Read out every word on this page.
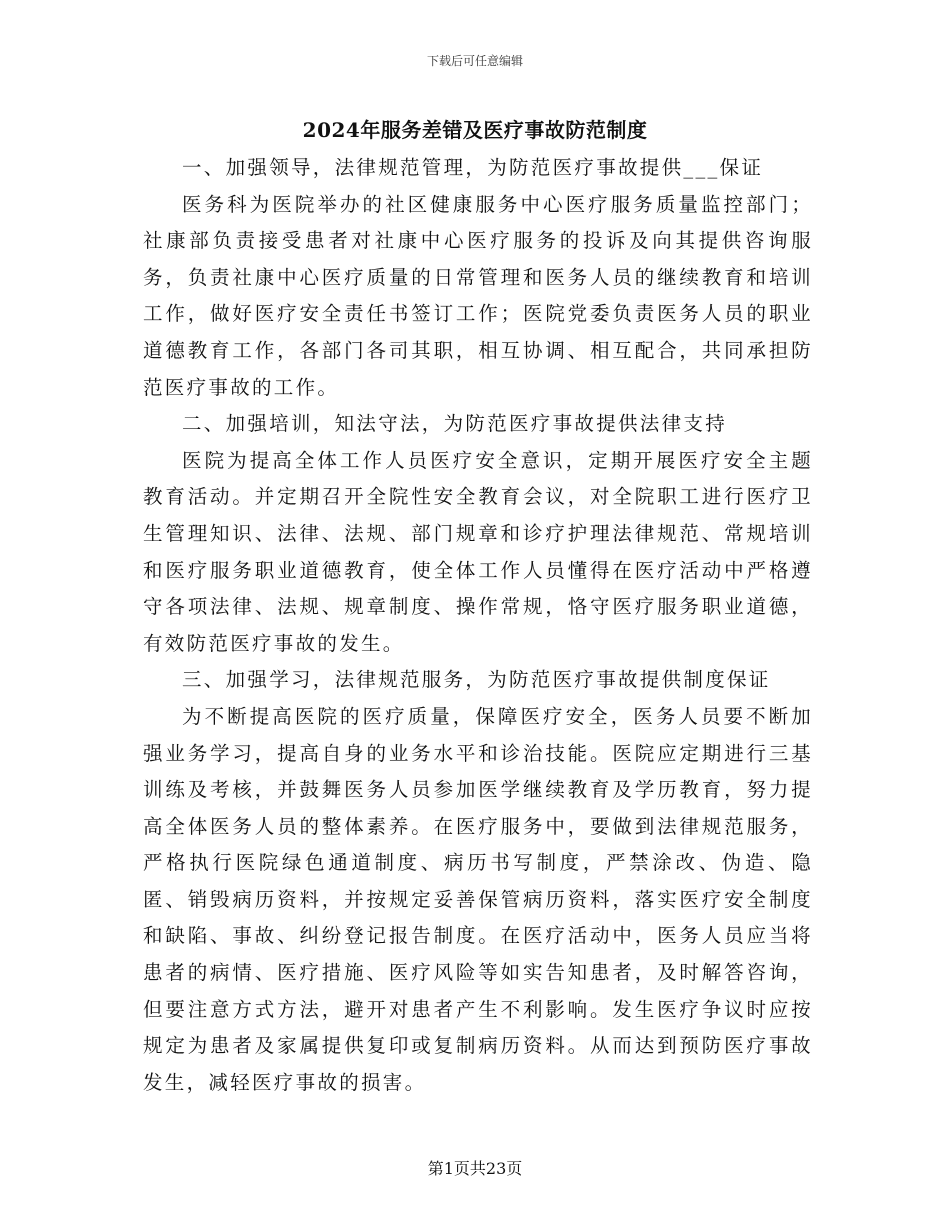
下载后可任意编辑
2024年服务差错及医疗事故防范制度

一、加强领导，法律规范管理，为防范医疗事故提供___保证

医务科为医院举办的社区健康服务中心医疗服务质量监控部门；社康部负责接受患者对社康中心医疗服务的投诉及向其提供咨询服务，负责社康中心医疗质量的日常管理和医务人员的继续教育和培训工作，做好医疗安全责任书签订工作；医院党委负责医务人员的职业道德教育工作，各部门各司其职，相互协调、相互配合，共同承担防范医疗事故的工作。

二、加强培训，知法守法，为防范医疗事故提供法律支持

医院为提高全体工作人员医疗安全意识，定期开展医疗安全主题教育活动。并定期召开全院性安全教育会议，对全院职工进行医疗卫生管理知识、法律、法规、部门规章和诊疗护理法律规范、常规培训和医疗服务职业道德教育，使全体工作人员懂得在医疗活动中严格遵守各项法律、法规、规章制度、操作常规，恪守医疗服务职业道德，有效防范医疗事故的发生。

三、加强学习，法律规范服务，为防范医疗事故提供制度保证

为不断提高医院的医疗质量，保障医疗安全，医务人员要不断加强业务学习，提高自身的业务水平和诊治技能。医院应定期进行三基训练及考核，并鼓舞医务人员参加医学继续教育及学历教育，努力提高全体医务人员的整体素养。在医疗服务中，要做到法律规范服务，严格执行医院绿色通道制度、病历书写制度，严禁涂改、伪造、隐匿、销毁病历资料，并按规定妥善保管病历资料，落实医疗安全制度和缺陷、事故、纠纷登记报告制度。在医疗活动中，医务人员应当将患者的病情、医疗措施、医疗风险等如实告知患者，及时解答咨询，但要注意方式方法，避开对患者产生不利影响。发生医疗争议时应按规定为患者及家属提供复印或复制病历资料。从而达到预防医疗事故发生，减轻医疗事故的损害。

第1页共23页
